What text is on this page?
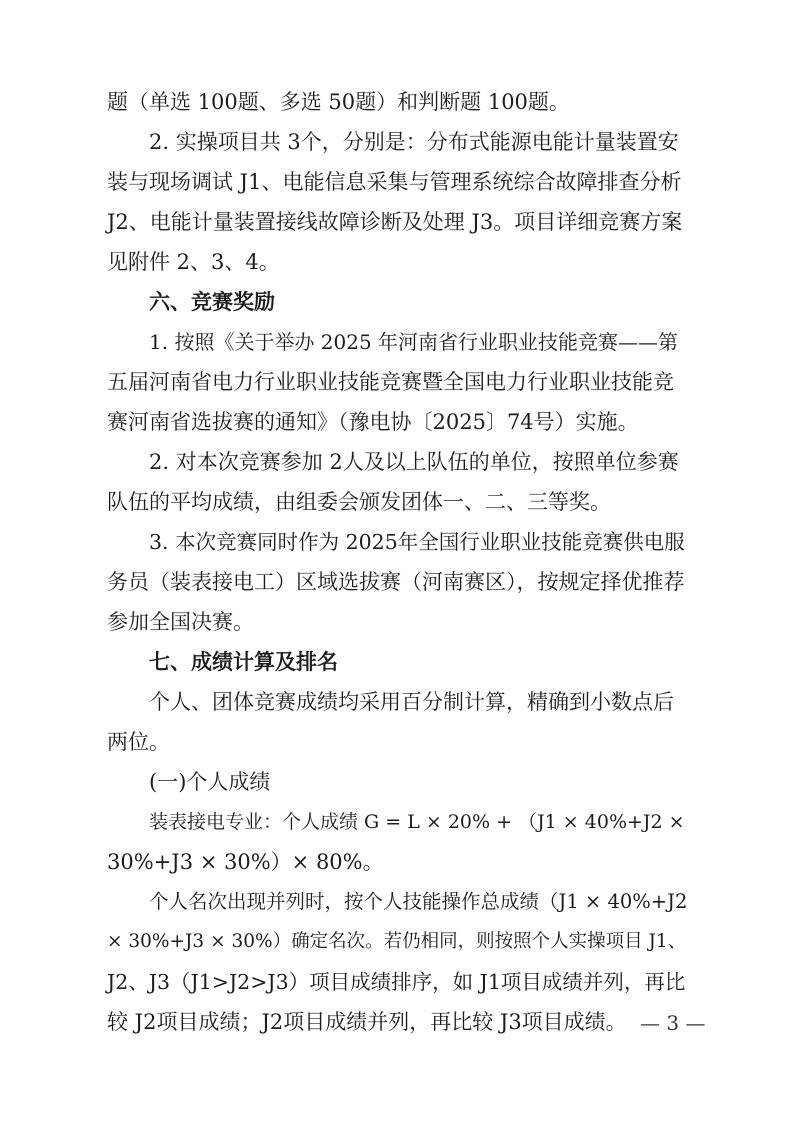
题（单选 100题、多选 50题）和判断题 100题。
2. 实操项目共 3个，分别是：分布式能源电能计量装置安
装与现场调试 J1、电能信息采集与管理系统综合故障排查分析
J2、电能计量装置接线故障诊断及处理 J3。项目详细竞赛方案
见附件 2、3、4。
六、竞赛奖励
1. 按照《关于举办 2025 年河南省行业职业技能竞赛——第
五届河南省电力行业职业技能竞赛暨全国电力行业职业技能竞
赛河南省选拔赛的通知》（豫电协〔2025〕74号）实施。
2. 对本次竞赛参加 2人及以上队伍的单位，按照单位参赛
队伍的平均成绩，由组委会颁发团体一、二、三等奖。
3. 本次竞赛同时作为 2025年全国行业职业技能竞赛供电服
务员（装表接电工）区域选拔赛（河南赛区），按规定择优推荐
参加全国决赛。
七、成绩计算及排名
个人、团体竞赛成绩均采用百分制计算，精确到小数点后
两位。
(一)个人成绩
装表接电专业：个人成绩 G = L × 20% + （J1 × 40%+J2 ×
30%+J3 × 30%）× 80%。
个人名次出现并列时，按个人技能操作总成绩（J1 × 40%+J2
× 30%+J3 × 30%）确定名次。若仍相同，则按照个人实操项目 J1、
J2、J3（J1>J2>J3）项目成绩排序，如 J1项目成绩并列，再比
较 J2项目成绩；J2项目成绩并列，再比较 J3项目成绩。 — 3 —
